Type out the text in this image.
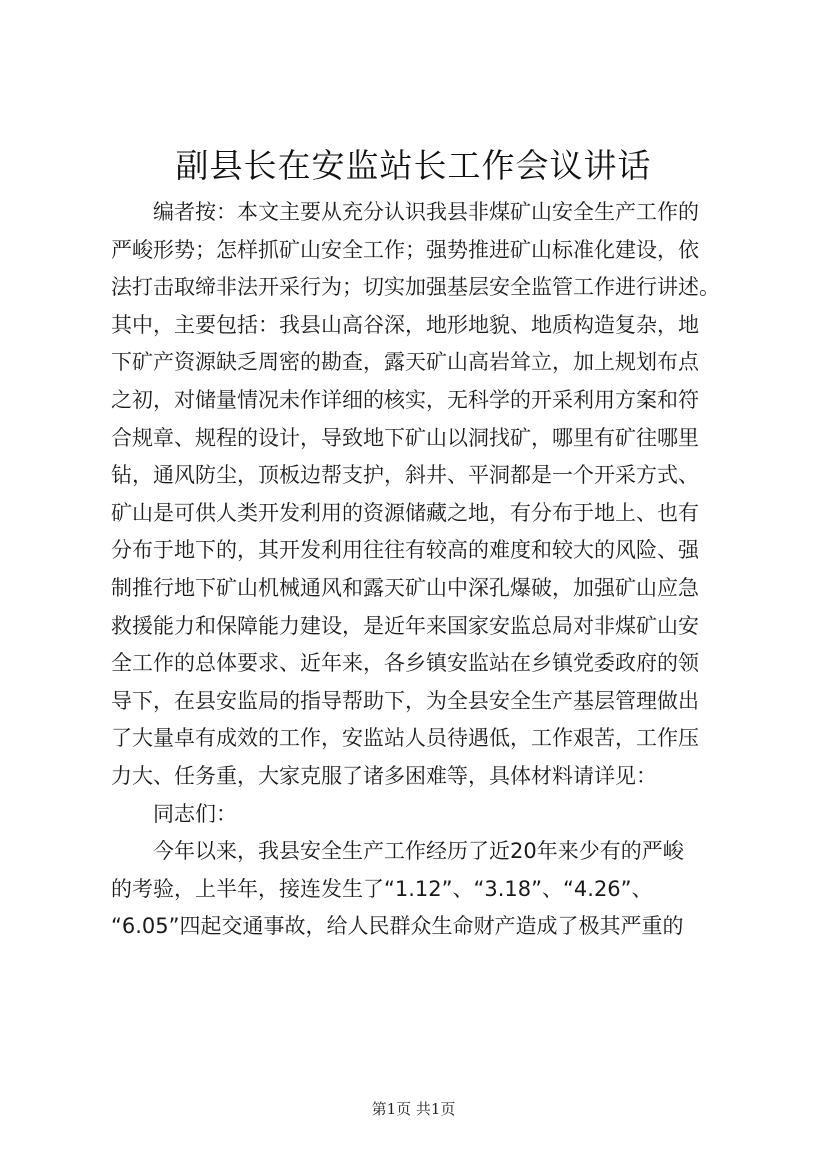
副县长在安监站长工作会议讲话
编者按：本文主要从充分认识我县非煤矿山安全生产工作的
严峻形势；怎样抓矿山安全工作；强势推进矿山标准化建设，依
法打击取缔非法开采行为；切实加强基层安全监管工作进行讲述。
其中，主要包括：我县山高谷深，地形地貌、地质构造复杂，地
下矿产资源缺乏周密的勘查，露天矿山高岩耸立，加上规划布点
之初，对储量情况未作详细的核实，无科学的开采利用方案和符
合规章、规程的设计，导致地下矿山以洞找矿，哪里有矿往哪里
钻，通风防尘，顶板边帮支护，斜井、平洞都是一个开采方式、
矿山是可供人类开发利用的资源储藏之地，有分布于地上、也有
分布于地下的，其开发利用往往有较高的难度和较大的风险、强
制推行地下矿山机械通风和露天矿山中深孔爆破，加强矿山应急
救援能力和保障能力建设，是近年来国家安监总局对非煤矿山安
全工作的总体要求、近年来，各乡镇安监站在乡镇党委政府的领
导下，在县安监局的指导帮助下，为全县安全生产基层管理做出
了大量卓有成效的工作，安监站人员待遇低，工作艰苦，工作压
力大、任务重，大家克服了诸多困难等，具体材料请详见：
同志们：
今年以来，我县安全生产工作经历了近20年来少有的严峻
的考验，上半年，接连发生了“1.12”、“3.18”、“4.26”、
“6.05”四起交通事故，给人民群众生命财产造成了极其严重的
第1页 共1页
